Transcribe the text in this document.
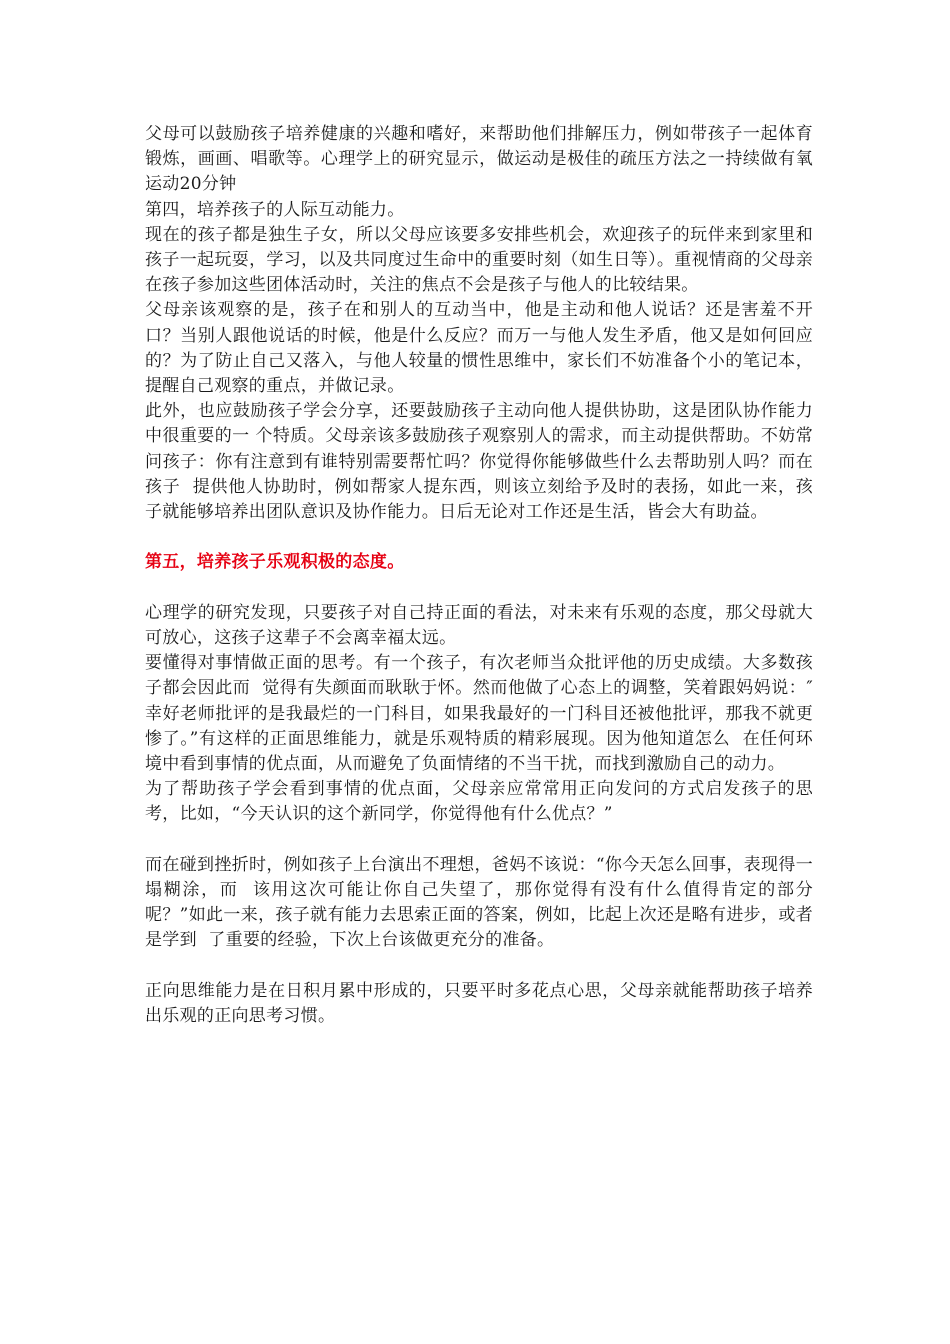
父母可以鼓励孩子培养健康的兴趣和嗜好，来帮助他们排解压力，例如带孩子一起体育锻炼，画画、唱歌等。心理学上的研究显示，做运动是极佳的疏压方法之一持续做有氧运动20分钟

第四，培养孩子的人际互动能力。

现在的孩子都是独生子女，所以父母应该要多安排些机会，欢迎孩子的玩伴来到家里和孩子一起玩耍，学习，以及共同度过生命中的重要时刻（如生日等）。重视情商的父母亲在孩子参加这些团体活动时，关注的焦点不会是孩子与他人的比较结果。

父母亲该观察的是，孩子在和别人的互动当中，他是主动和他人说话？还是害羞不开口？当别人跟他说话的时候，他是什么反应？而万一与他人发生矛盾，他又是如何回应的？为了防止自己又落入，与他人较量的惯性思维中，家长们不妨准备个小的笔记本，提醒自己观察的重点，并做记录。

此外，也应鼓励孩子学会分享，还要鼓励孩子主动向他人提供协助，这是团队协作能力中很重要的一 个特质。父母亲该多鼓励孩子观察别人的需求，而主动提供帮助。不妨常问孩子：你有注意到有谁特别需要帮忙吗？你觉得你能够做些什么去帮助别人吗？而在孩子  提供他人协助时，例如帮家人提东西，则该立刻给予及时的表扬，如此一来，孩子就能够培养出团队意识及协作能力。日后无论对工作还是生活，皆会大有助益。

第五，培养孩子乐观积极的态度。

心理学的研究发现，只要孩子对自己持正面的看法，对未来有乐观的态度，那父母就大可放心，这孩子这辈子不会离幸福太远。

要懂得对事情做正面的思考。有一个孩子，有次老师当众批评他的历史成绩。大多数孩子都会因此而  觉得有失颜面而耿耿于怀。然而他做了心态上的调整，笑着跟妈妈说：″ 幸好老师批评的是我最烂的一门科目，如果我最好的一门科目还被他批评，那我不就更惨了。”有这样的正面思维能力，就是乐观特质的精彩展现。因为他知道怎么  在任何环境中看到事情的优点面，从而避免了负面情绪的不当干扰，而找到激励自己的动力。

为了帮助孩子学会看到事情的优点面，父母亲应常常用正向发问的方式启发孩子的思考，比如，“今天认识的这个新同学，你觉得他有什么优点？”

而在碰到挫折时，例如孩子上台演出不理想，爸妈不该说：“你今天怎么回事，表现得一塌糊涂，而  该用这次可能让你自己失望了，那你觉得有没有什么值得肯定的部分呢？”如此一来，孩子就有能力去思索正面的答案，例如，比起上次还是略有进步，或者是学到  了重要的经验，下次上台该做更充分的准备。

正向思维能力是在日积月累中形成的，只要平时多花点心思，父母亲就能帮助孩子培养出乐观的正向思考习惯。
